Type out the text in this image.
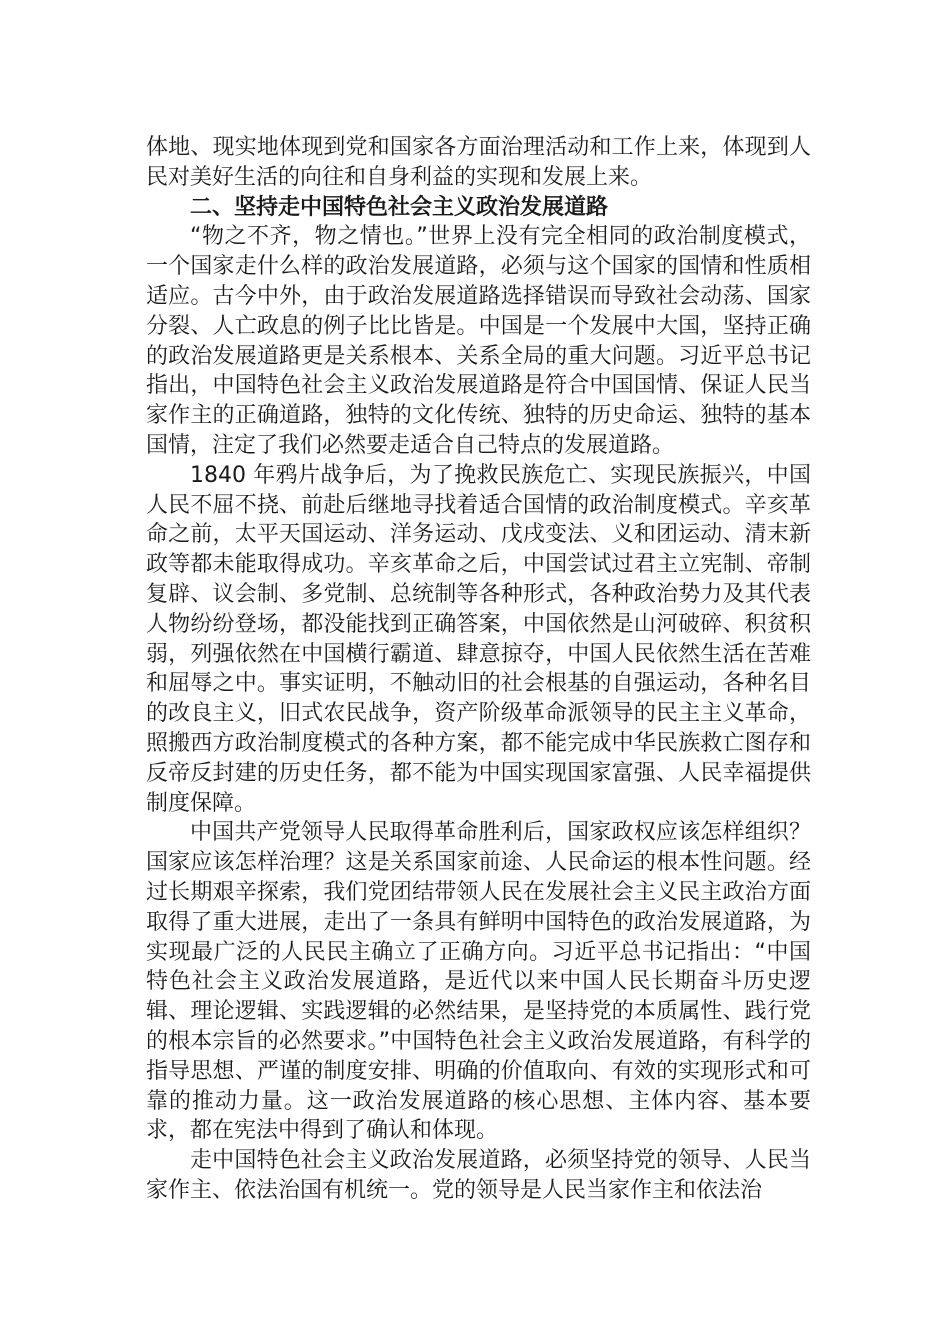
体地、现实地体现到党和国家各方面治理活动和工作上来，体现到人民对美好生活的向往和自身利益的实现和发展上来。

二、坚持走中国特色社会主义政治发展道路

“物之不齐，物之情也。”世界上没有完全相同的政治制度模式，一个国家走什么样的政治发展道路，必须与这个国家的国情和性质相适应。古今中外，由于政治发展道路选择错误而导致社会动荡、国家分裂、人亡政息的例子比比皆是。中国是一个发展中大国，坚持正确的政治发展道路更是关系根本、关系全局的重大问题。习近平总书记指出，中国特色社会主义政治发展道路是符合中国国情、保证人民当家作主的正确道路，独特的文化传统、独特的历史命运、独特的基本国情，注定了我们必然要走适合自己特点的发展道路。

1840 年鸦片战争后，为了挽救民族危亡、实现民族振兴，中国人民不屈不挠、前赴后继地寻找着适合国情的政治制度模式。辛亥革命之前，太平天国运动、洋务运动、戊戌变法、义和团运动、清末新政等都未能取得成功。辛亥革命之后，中国尝试过君主立宪制、帝制复辟、议会制、多党制、总统制等各种形式，各种政治势力及其代表人物纷纷登场，都没能找到正确答案，中国依然是山河破碎、积贫积弱，列强依然在中国横行霸道、肆意掠夺，中国人民依然生活在苦难和屈辱之中。事实证明，不触动旧的社会根基的自强运动，各种名目的改良主义，旧式农民战争，资产阶级革命派领导的民主主义革命，照搬西方政治制度模式的各种方案，都不能完成中华民族救亡图存和反帝反封建的历史任务，都不能为中国实现国家富强、人民幸福提供制度保障。

中国共产党领导人民取得革命胜利后，国家政权应该怎样组织？国家应该怎样治理？这是关系国家前途、人民命运的根本性问题。经过长期艰辛探索，我们党团结带领人民在发展社会主义民主政治方面取得了重大进展，走出了一条具有鲜明中国特色的政治发展道路，为实现最广泛的人民民主确立了正确方向。习近平总书记指出：“中国特色社会主义政治发展道路，是近代以来中国人民长期奋斗历史逻辑、理论逻辑、实践逻辑的必然结果，是坚持党的本质属性、践行党的根本宗旨的必然要求。”中国特色社会主义政治发展道路，有科学的指导思想、严谨的制度安排、明确的价值取向、有效的实现形式和可靠的推动力量。这一政治发展道路的核心思想、主体内容、基本要求，都在宪法中得到了确认和体现。

走中国特色社会主义政治发展道路，必须坚持党的领导、人民当家作主、依法治国有机统一。党的领导是人民当家作主和依法治
